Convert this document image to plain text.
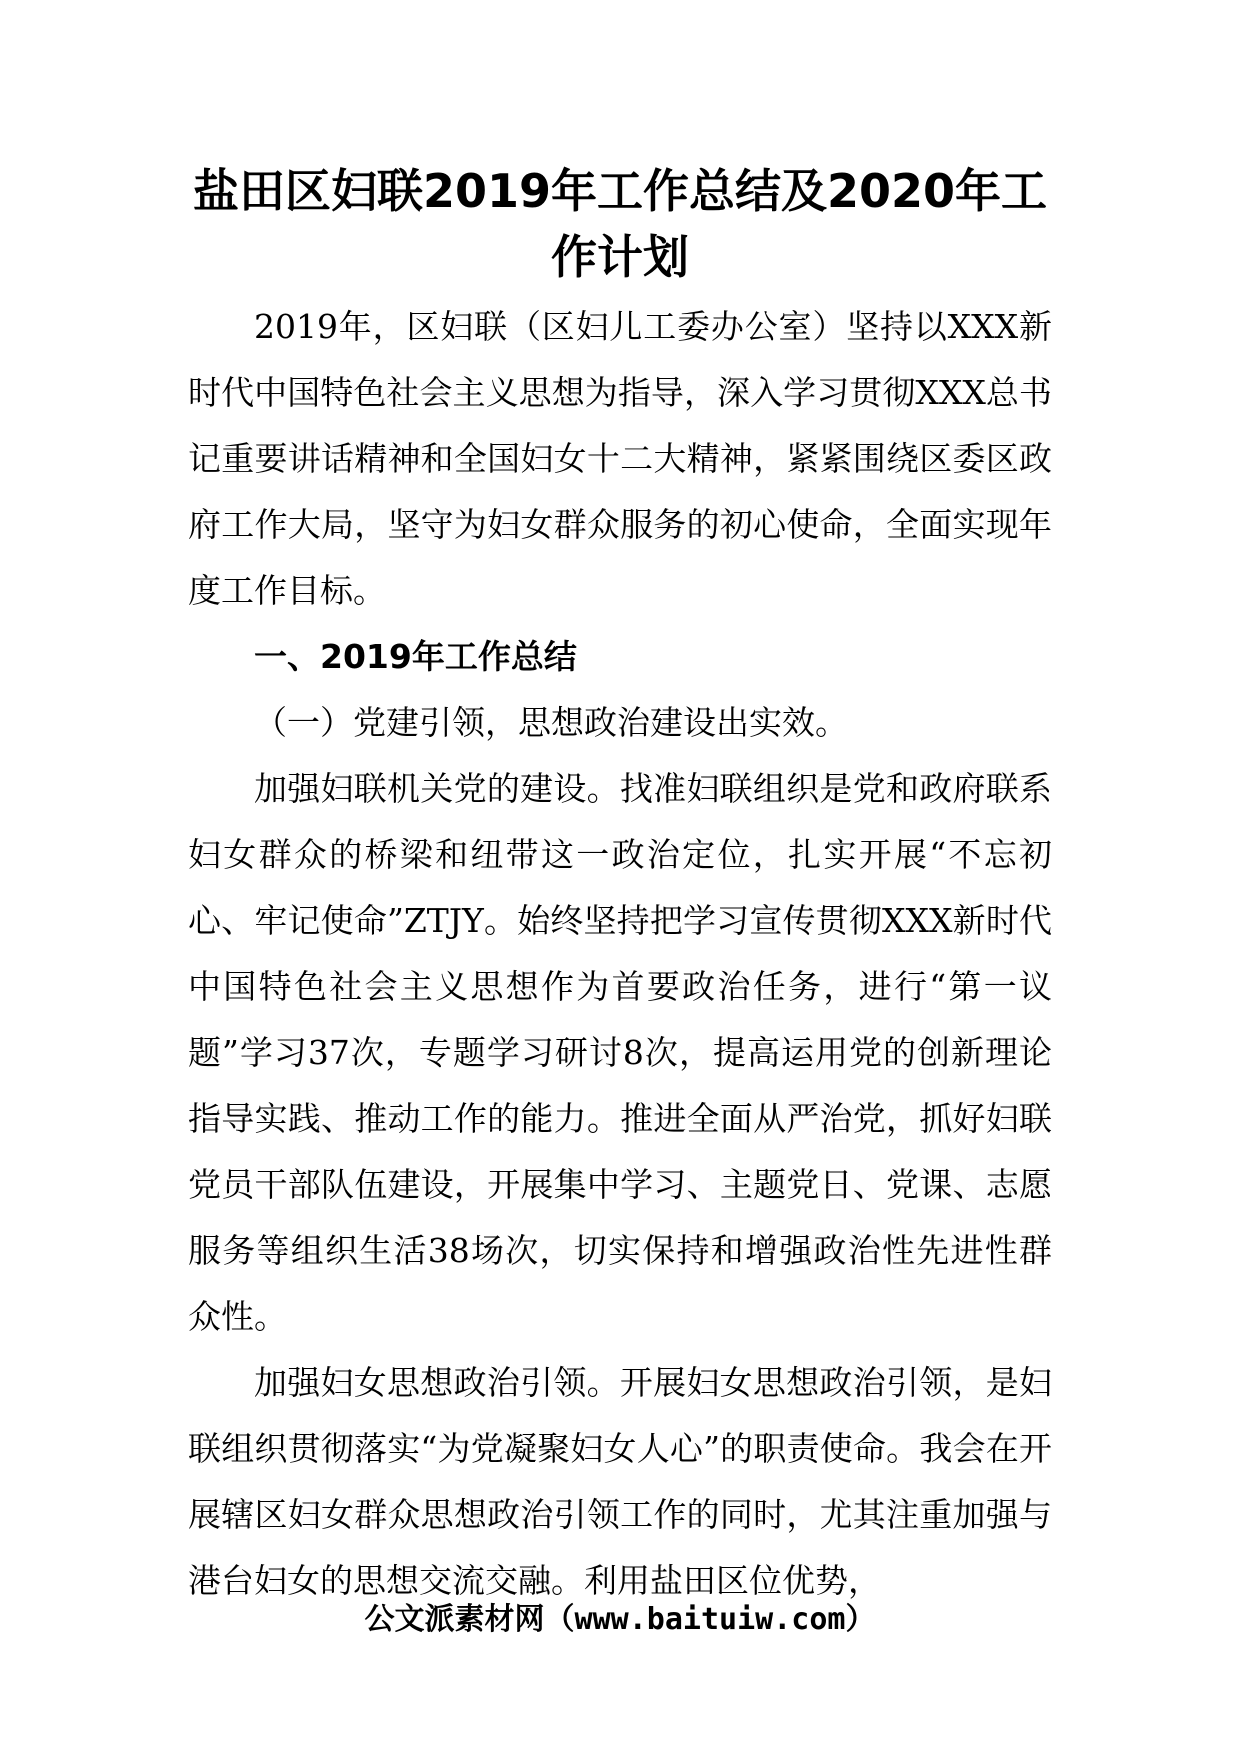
盐田区妇联2019年工作总结及2020年工作计划

2019年，区妇联（区妇儿工委办公室）坚持以XXX新时代中国特色社会主义思想为指导，深入学习贯彻XXX总书记重要讲话精神和全国妇女十二大精神，紧紧围绕区委区政府工作大局，坚守为妇女群众服务的初心使命，全面实现年度工作目标。

一、2019年工作总结

（一）党建引领，思想政治建设出实效。

加强妇联机关党的建设。找准妇联组织是党和政府联系妇女群众的桥梁和纽带这一政治定位，扎实开展“不忘初心、牢记使命”ZTJY。始终坚持把学习宣传贯彻XXX新时代中国特色社会主义思想作为首要政治任务，进行“第一议题”学习37次，专题学习研讨8次，提高运用党的创新理论指导实践、推动工作的能力。推进全面从严治党，抓好妇联党员干部队伍建设，开展集中学习、主题党日、党课、志愿服务等组织生活38场次，切实保持和增强政治性先进性群众性。

加强妇女思想政治引领。开展妇女思想政治引领，是妇联组织贯彻落实“为党凝聚妇女人心”的职责使命。我会在开展辖区妇女群众思想政治引领工作的同时，尤其注重加强与港台妇女的思想交流交融。利用盐田区位优势，

公文派素材网（www.baituiw.com）
